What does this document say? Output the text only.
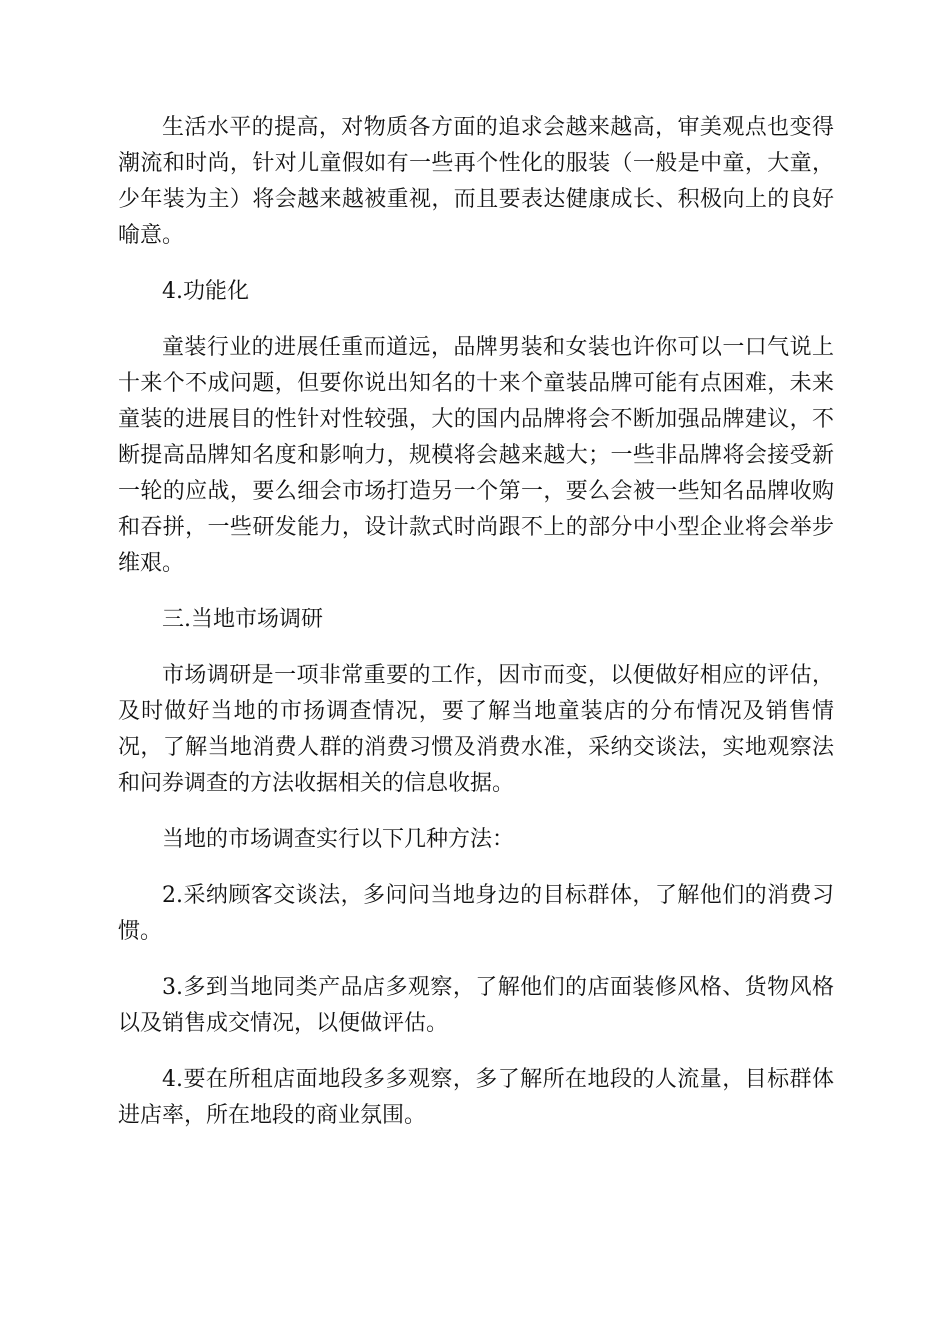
生活水平的提高，对物质各方面的追求会越来越高，审美观点也变得潮流和时尚，针对儿童假如有一些再个性化的服装（一般是中童，大童，少年装为主）将会越来越被重视，而且要表达健康成长、积极向上的良好喻意。

4.功能化

童装行业的进展任重而道远，品牌男装和女装也许你可以一口气说上十来个不成问题，但要你说出知名的十来个童装品牌可能有点困难，未来童装的进展目的性针对性较强，大的国内品牌将会不断加强品牌建议，不断提高品牌知名度和影响力，规模将会越来越大；一些非品牌将会接受新一轮的应战，要么细会市场打造另一个第一，要么会被一些知名品牌收购和吞拼，一些研发能力，设计款式时尚跟不上的部分中小型企业将会举步维艰。

三.当地市场调研

市场调研是一项非常重要的工作，因市而变，以便做好相应的评估，及时做好当地的市扬调查情况，要了解当地童装店的分布情况及销售情况，了解当地消费人群的消费习惯及消费水准，采纳交谈法，实地观察法和问券调查的方法收据相关的信息收据。

当地的市场调查实行以下几种方法：

2.采纳顾客交谈法，多问问当地身边的目标群体，了解他们的消费习惯。

3.多到当地同类产品店多观察，了解他们的店面装修风格、货物风格以及销售成交情况，以便做评估。

4.要在所租店面地段多多观察，多了解所在地段的人流量，目标群体进店率，所在地段的商业氛围。
